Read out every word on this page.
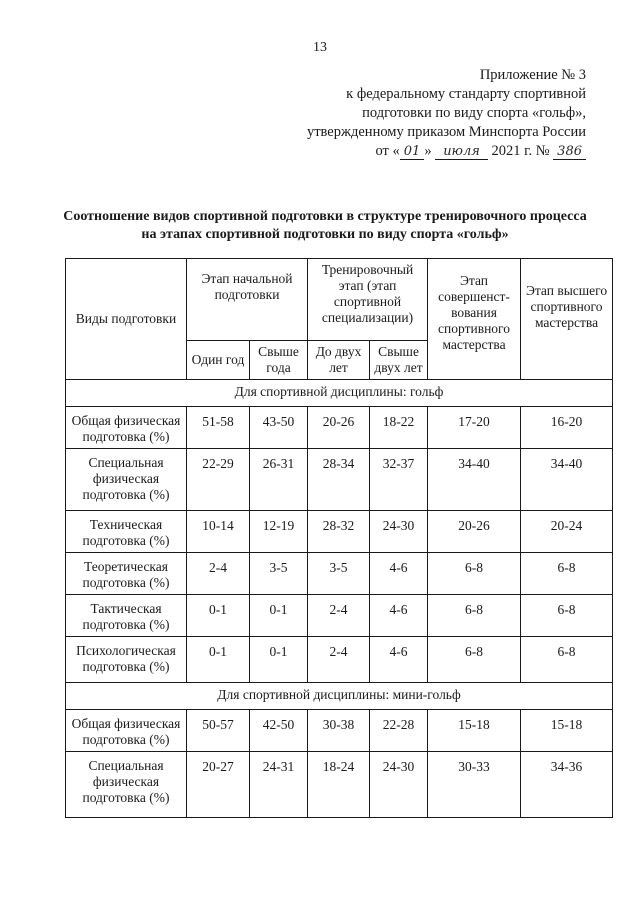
13
Приложение № 3
к федеральному стандарту спортивной
подготовки по виду спорта «гольф»,
утвержденному приказом Минспорта России
от « 01 » июля 2021 г. № 386
Соотношение видов спортивной подготовки в структуре тренировочного процесса на этапах спортивной подготовки по виду спорта «гольф»
Виды подготовки	Этап начальной подготовки		Тренировочный этап (этап спортивной специализации)		Этап совершенст-вования спортивного мастерства	Этап высшего спортивного мастерства
	Один год	Свыше года	До двух лет	Свыше двух лет		
Для спортивной дисциплины: гольф						
Общая физическая подготовка (%)	51-58	43-50	20-26	18-22	17-20	16-20
Специальная физическая подготовка (%)	22-29	26-31	28-34	32-37	34-40	34-40
Техническая подготовка (%)	10-14	12-19	28-32	24-30	20-26	20-24
Теоретическая подготовка (%)	2-4	3-5	3-5	4-6	6-8	6-8
Тактическая подготовка (%)	0-1	0-1	2-4	4-6	6-8	6-8
Психологическая подготовка (%)	0-1	0-1	2-4	4-6	6-8	6-8
Для спортивной дисциплины: мини-гольф						
Общая физическая подготовка (%)	50-57	42-50	30-38	22-28	15-18	15-18
Специальная физическая подготовка (%)	20-27	24-31	18-24	24-30	30-33	34-36
